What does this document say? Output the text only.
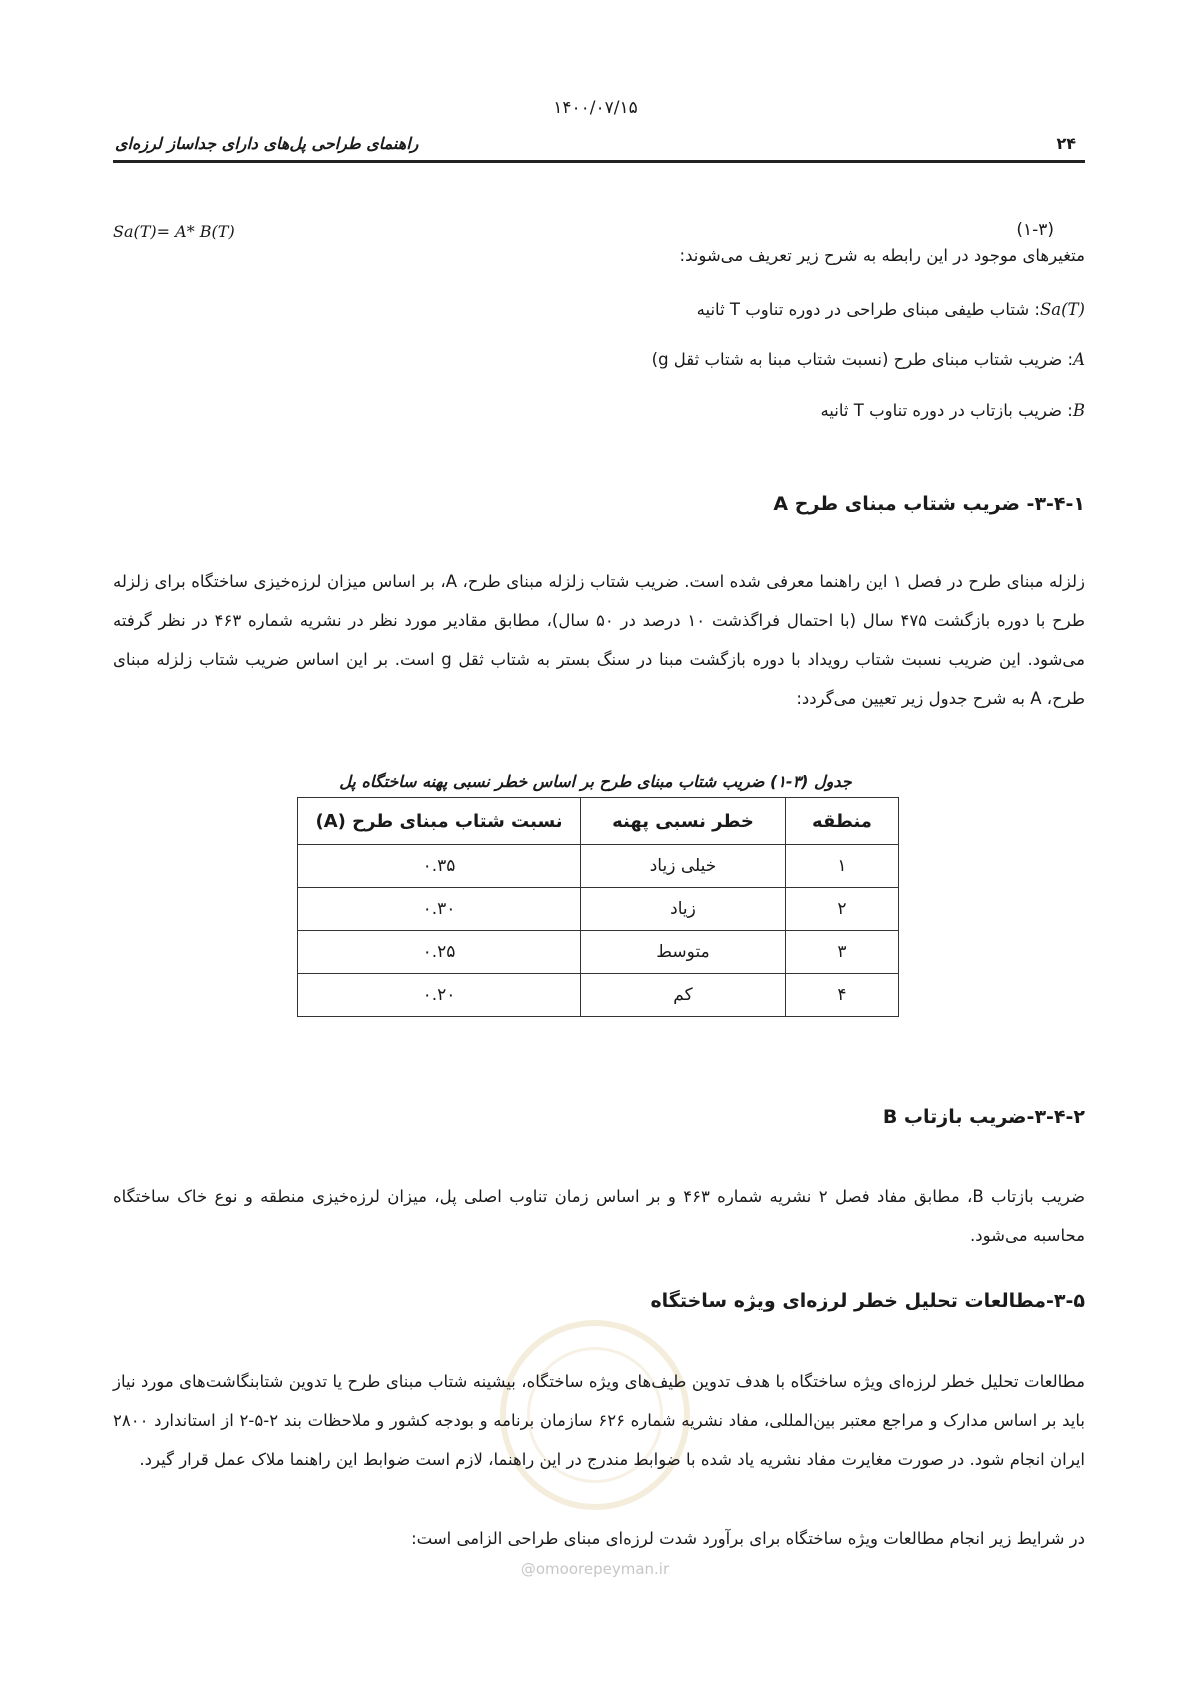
۱۴۰۰/۰۷/۱۵
راهنمای طراحی پل‌های دارای جداساز لرزه‌ای	۲۴
Sa(T)= A* B(T)	(۱-۳)
متغیرهای موجود در این رابطه به شرح زیر تعریف می‌شوند:
Sa(T): شتاب طیفی مبنای طراحی در دوره تناوب T ثانیه
A: ضریب شتاب مبنای طرح (نسبت شتاب مبنا به شتاب ثقل g)
B: ضریب بازتاب در دوره تناوب T ثانیه
۳-۴-۱- ضریب شتاب مبنای طرح A
زلزله مبنای طرح در فصل ۱ این راهنما معرفی شده است. ضریب شتاب زلزله مبنای طرح، A، بر اساس میزان لرزه‌خیزی ساختگاه برای زلزله طرح با دوره بازگشت ۴۷۵ سال (با احتمال فراگذشت ۱۰ درصد در ۵۰ سال)، مطابق مقادیر مورد نظر در نشریه شماره ۴۶۳ در نظر گرفته می‌شود. این ضریب نسبت شتاب رویداد با دوره بازگشت مبنا در سنگ بستر به شتاب ثقل g است. بر این اساس ضریب شتاب زلزله مبنای طرح، A به شرح جدول زیر تعیین می‌گردد:
جدول (۳-۱) ضریب شتاب مبنای طرح بر اساس خطر نسبی پهنه ساختگاه پل
منطقه	خطر نسبی پهنه	نسبت شتاب مبنای طرح (A)
۱	خیلی زیاد	۰.۳۵
۲	زیاد	۰.۳۰
۳	متوسط	۰.۲۵
۴	کم	۰.۲۰
۳-۴-۲-ضریب بازتاب B
ضریب بازتاب B، مطابق مفاد فصل ۲ نشریه شماره ۴۶۳ و بر اساس زمان تناوب اصلی پل، میزان لرزه‌خیزی منطقه و نوع خاک ساختگاه محاسبه می‌شود.
۳-۵-مطالعات تحلیل خطر لرزه‌ای ویژه ساختگاه
مطالعات تحلیل خطر لرزه‌ای ویژه ساختگاه با هدف تدوین طیف‌های ویژه ساختگاه، بیشینه شتاب مبنای طرح یا تدوین شتابنگاشت‌های مورد نیاز باید بر اساس مدارک و مراجع معتبر بین‌المللی، مفاد نشریه شماره ۶۲۶ سازمان برنامه و بودجه کشور و ملاحظات بند ۲-۵-۲ از استاندارد ۲۸۰۰ ایران انجام شود. در صورت مغایرت مفاد نشریه یاد شده با ضوابط مندرج در این راهنما، لازم است ضوابط این راهنما ملاک عمل قرار گیرد.
در شرایط زیر انجام مطالعات ویژه ساختگاه برای برآورد شدت لرزه‌ای مبنای طراحی الزامی است:
@omoorepeyman.ir
